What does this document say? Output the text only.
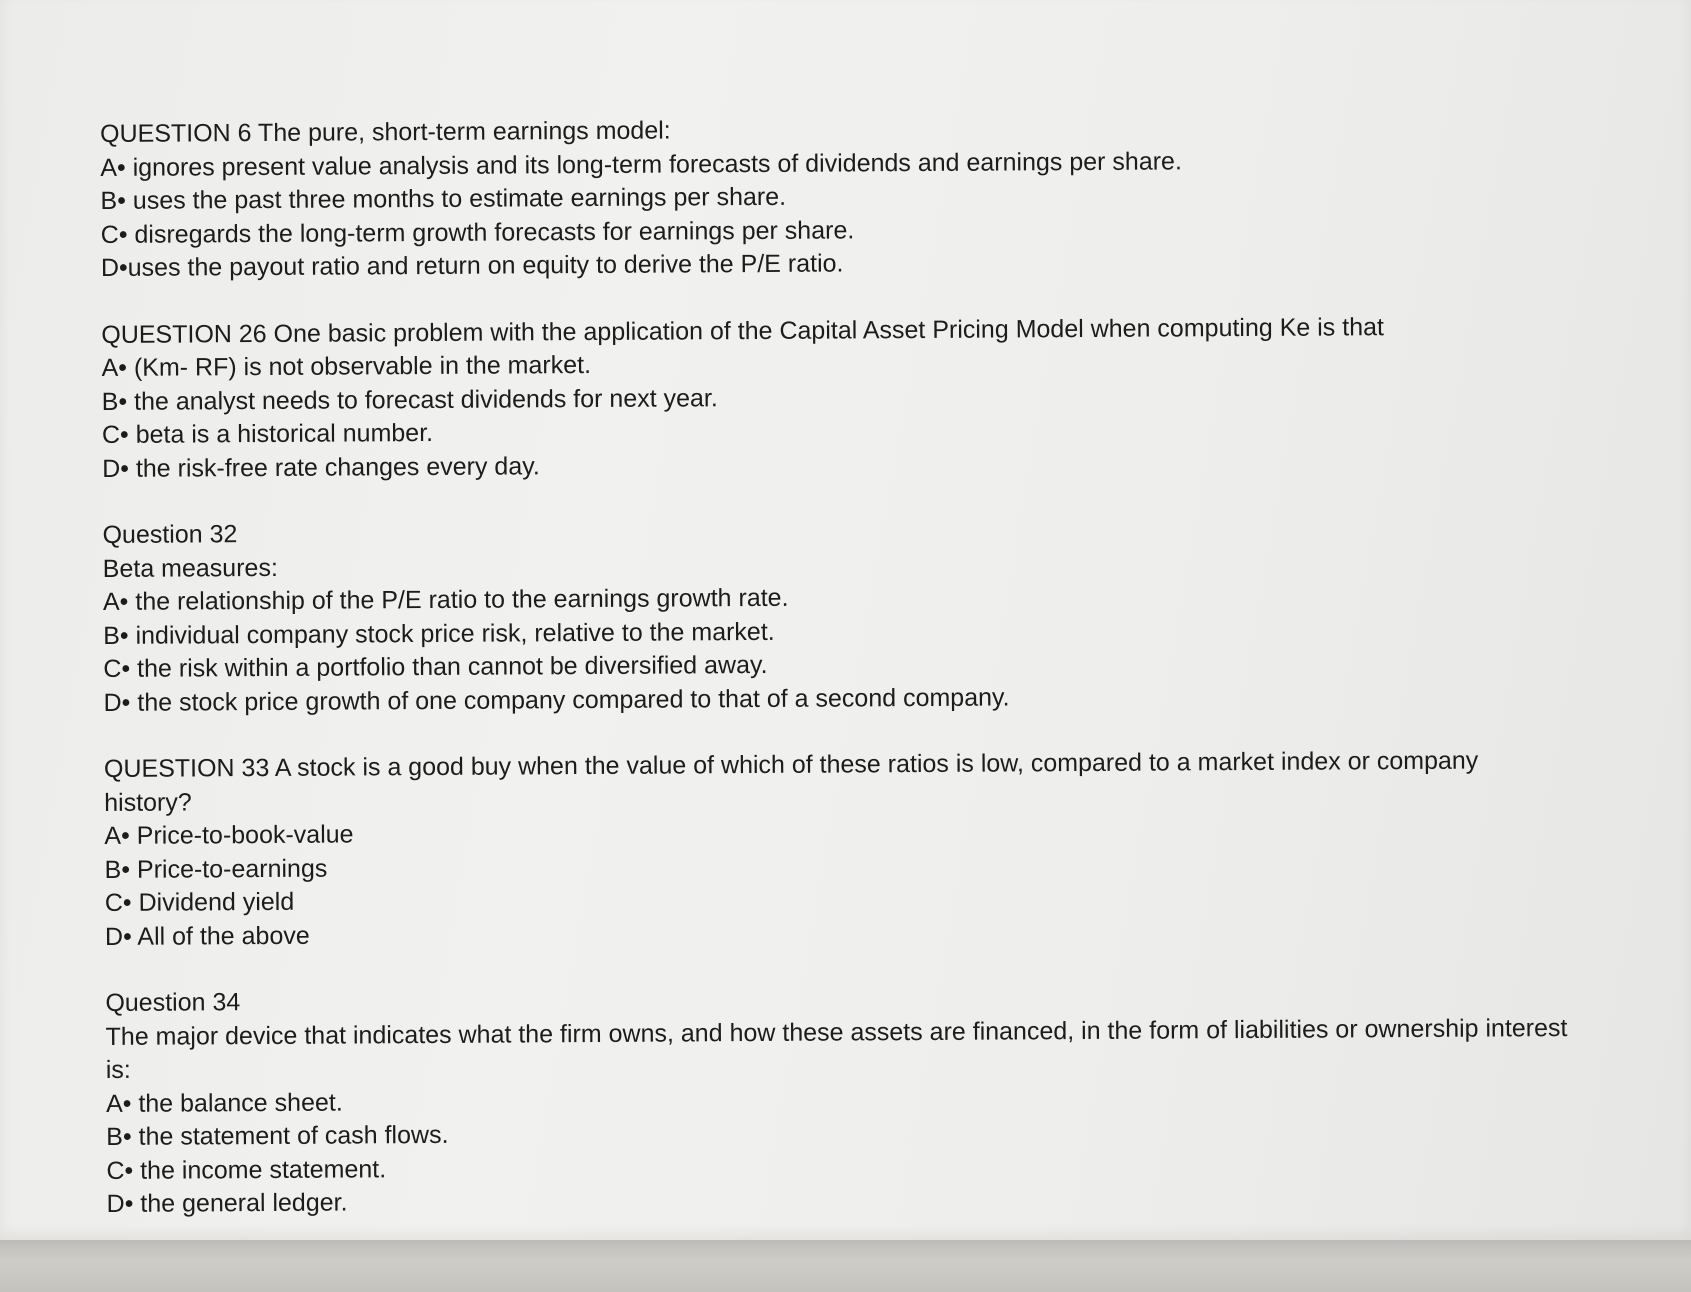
QUESTION 6 The pure, short-term earnings model:

A• ignores present value analysis and its long-term forecasts of dividends and earnings per share.

B• uses the past three months to estimate earnings per share.

C• disregards the long-term growth forecasts for earnings per share.

D•uses the payout ratio and return on equity to derive the P/E ratio.

QUESTION 26 One basic problem with the application of the Capital Asset Pricing Model when computing Ke is that

A• (Km- RF) is not observable in the market.

B• the analyst needs to forecast dividends for next year.

C• beta is a historical number.

D• the risk-free rate changes every day.

Question 32

Beta measures:

A• the relationship of the P/E ratio to the earnings growth rate.

B• individual company stock price risk, relative to the market.

C• the risk within a portfolio than cannot be diversified away.

D• the stock price growth of one company compared to that of a second company.

QUESTION 33 A stock is a good buy when the value of which of these ratios is low, compared to a market index or company

history?

A• Price-to-book-value

B• Price-to-earnings

C• Dividend yield

D• All of the above

Question 34

The major device that indicates what the firm owns, and how these assets are financed, in the form of liabilities or ownership interest

is:

A• the balance sheet.

B• the statement of cash flows.

C• the income statement.

D• the general ledger.
